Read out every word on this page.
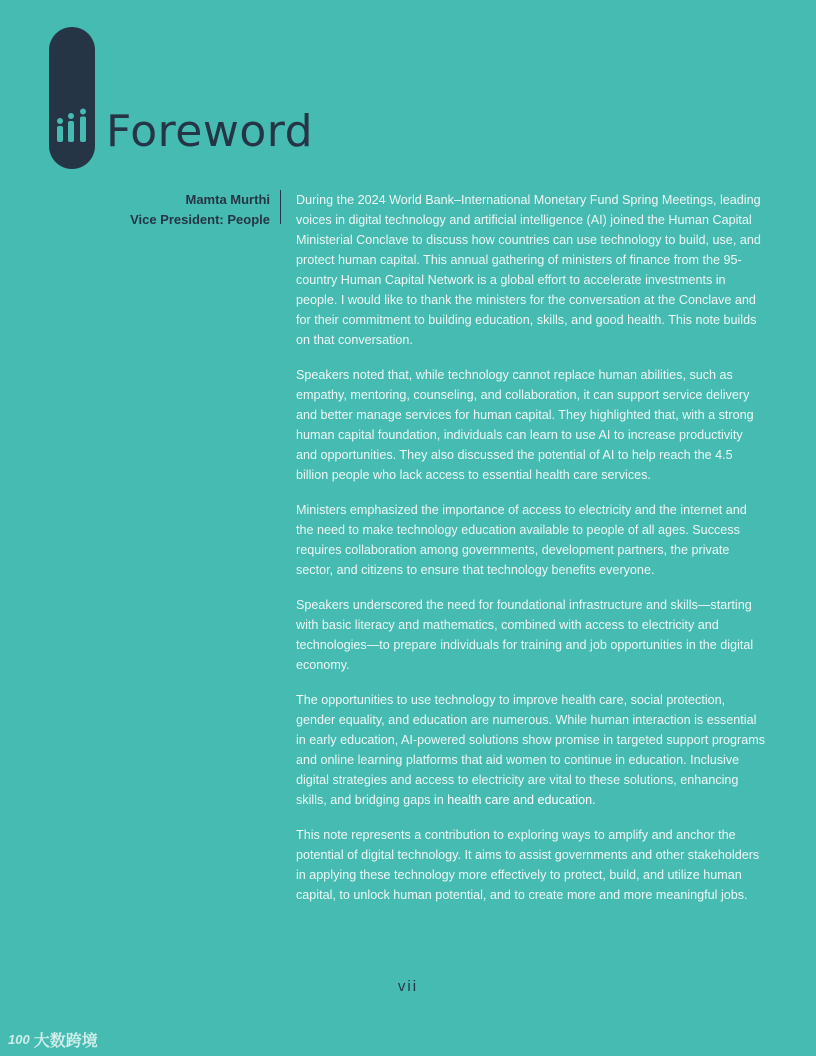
Foreword
Mamta Murthi
Vice President: People

During the 2024 World Bank–International Monetary Fund Spring Meetings, leading voices in digital technology and artificial intelligence (AI) joined the Human Capital Ministerial Conclave to discuss how countries can use technology to build, use, and protect human capital. This annual gathering of ministers of finance from the 95-country Human Capital Network is a global effort to accelerate investments in people. I would like to thank the ministers for the conversation at the Conclave and for their commitment to building education, skills, and good health. This note builds on that conversation.

Speakers noted that, while technology cannot replace human abilities, such as empathy, mentoring, counseling, and collaboration, it can support service delivery and better manage services for human capital. They highlighted that, with a strong human capital foundation, individuals can learn to use AI to increase productivity and opportunities. They also discussed the potential of AI to help reach the 4.5 billion people who lack access to essential health care services.

Ministers emphasized the importance of access to electricity and the internet and the need to make technology education available to people of all ages. Success requires collaboration among governments, development partners, the private sector, and citizens to ensure that technology benefits everyone.

Speakers underscored the need for foundational infrastructure and skills—starting with basic literacy and mathematics, combined with access to electricity and technologies—to prepare individuals for training and job opportunities in the digital economy.

The opportunities to use technology to improve health care, social protection, gender equality, and education are numerous. While human interaction is essential in early education, AI-powered solutions show promise in targeted support programs and online learning platforms that aid women to continue in education. Inclusive digital strategies and access to electricity are vital to these solutions, enhancing skills, and bridging gaps in health care and education.

This note represents a contribution to exploring ways to amplify and anchor the potential of digital technology. It aims to assist governments and other stakeholders in applying these technology more effectively to protect, build, and utilize human capital, to unlock human potential, and to create more and more meaningful jobs.

vii
100 大数跨境
